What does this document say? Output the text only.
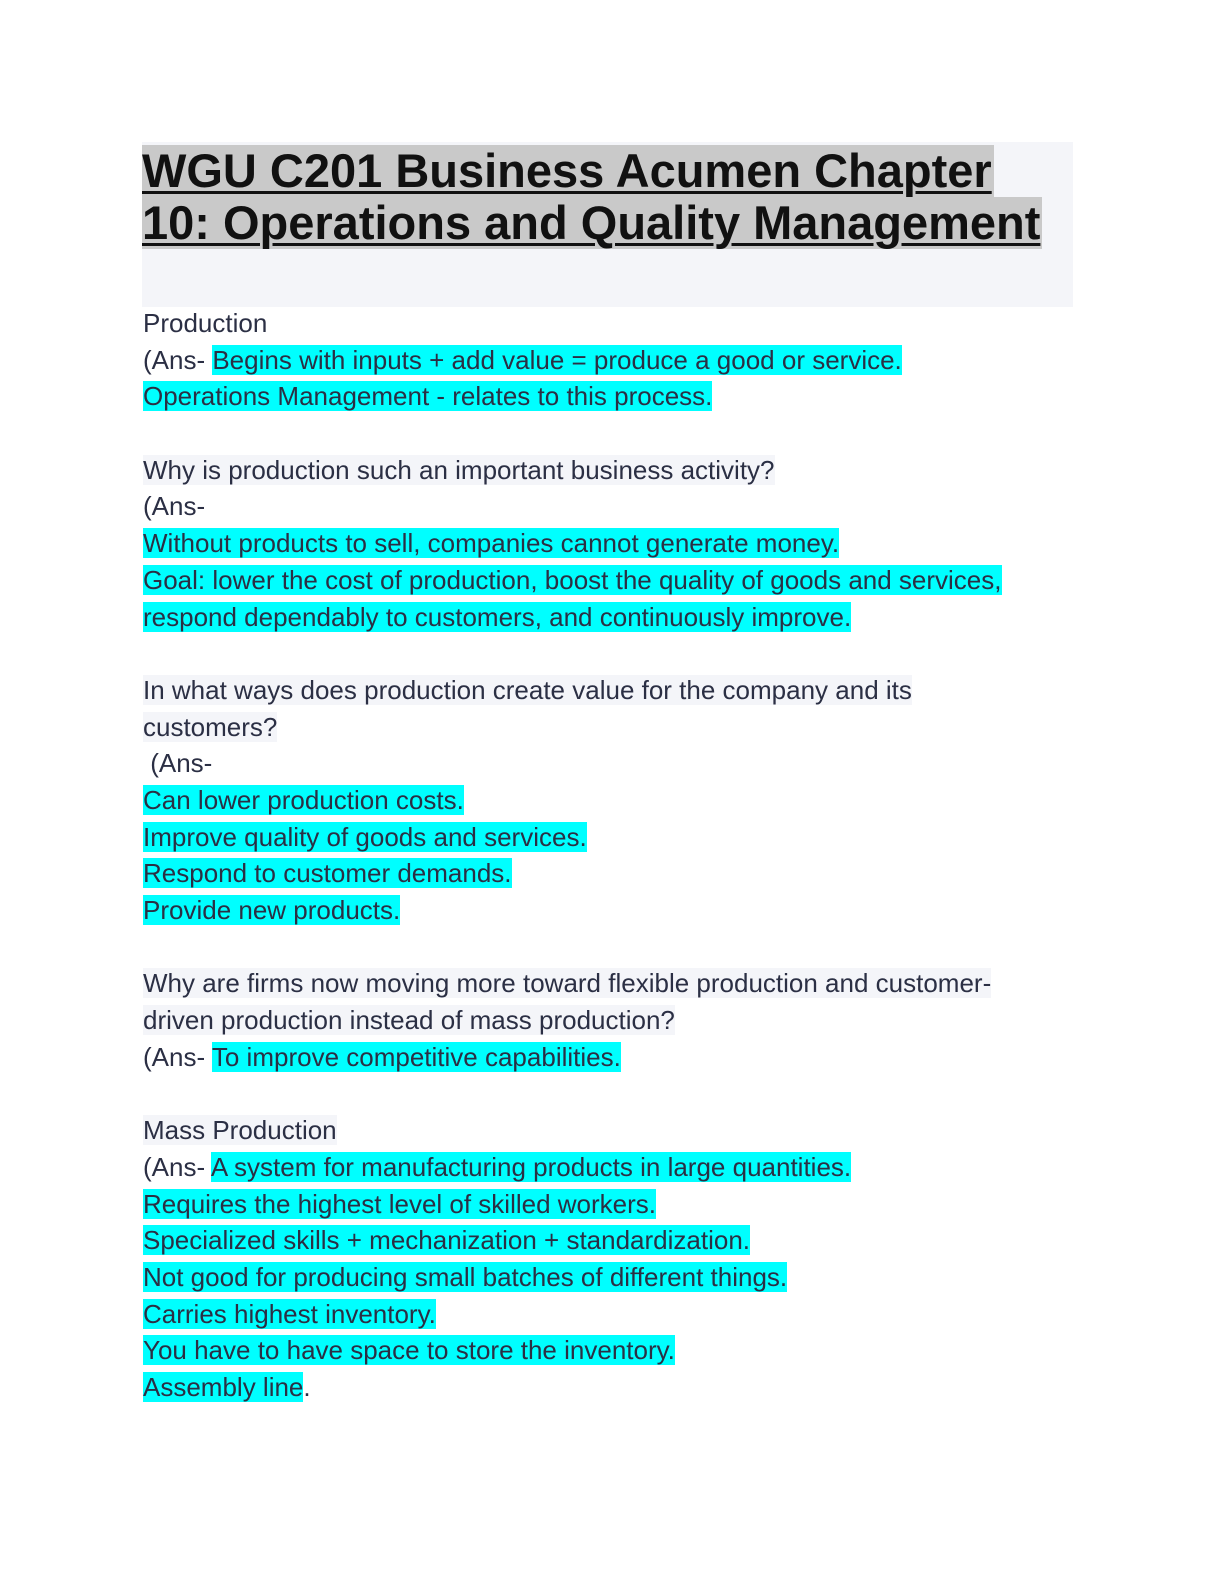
WGU C201 Business Acumen Chapter
10: Operations and Quality Management
Production
(Ans- Begins with inputs + add value = produce a good or service.
Operations Management - relates to this process.
Why is production such an important business activity?
(Ans-
Without products to sell, companies cannot generate money.
Goal: lower the cost of production, boost the quality of goods and services,
respond dependably to customers, and continuously improve.
In what ways does production create value for the company and its
customers?
(Ans-
Can lower production costs.
Improve quality of goods and services.
Respond to customer demands.
Provide new products.
Why are firms now moving more toward flexible production and customer-
driven production instead of mass production?
(Ans- To improve competitive capabilities.
Mass Production
(Ans- A system for manufacturing products in large quantities.
Requires the highest level of skilled workers.
Specialized skills + mechanization + standardization.
Not good for producing small batches of different things.
Carries highest inventory.
You have to have space to store the inventory.
Assembly line.
